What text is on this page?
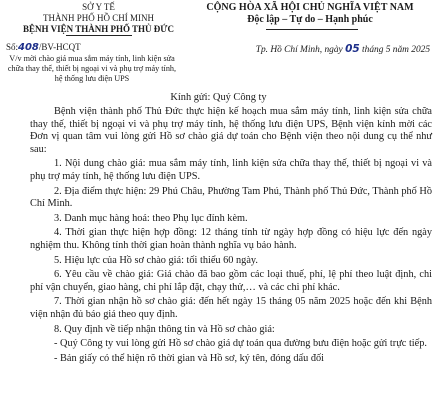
SỞ Y TẾ
THÀNH PHỐ HỒ CHÍ MINH
BỆNH VIỆN THÀNH PHỐ THỦ ĐỨC
CỘNG HÒA XÃ HỘI CHỦ NGHĨA VIỆT NAM
Độc lập – Tự do – Hạnh phúc
Số:408/BV-HCQT
V/v mời chào giá mua sắm máy tính, linh kiện sửa chữa thay thế, thiết bị ngoại vi và phụ trợ máy tính, hệ thống lưu điện UPS
Tp. Hồ Chí Minh, ngày 05 tháng 5 năm 2025
Kính gửi: Quý Công ty

Bệnh viện thành phố Thủ Đức thực hiện kế hoạch mua sắm máy tính, linh kiện sửa chữa thay thế, thiết bị ngoại vi và phụ trợ máy tính, hệ thống lưu điện UPS, Bệnh viện kính mời các Đơn vị quan tâm vui lòng gửi Hồ sơ chào giá dự toán cho Bệnh viện theo nội dung cụ thể như sau:

1. Nội dung chào giá: mua sắm máy tính, linh kiện sửa chữa thay thế, thiết bị ngoại vi và phụ trợ máy tính, hệ thống lưu điện UPS.

2. Địa điểm thực hiện: 29 Phú Châu, Phường Tam Phú, Thành phố Thủ Đức, Thành phố Hồ Chí Minh.

3. Danh mục hàng hoá: theo Phụ lục đính kèm.

4. Thời gian thực hiện hợp đồng: 12 tháng tính từ ngày hợp đồng có hiệu lực đến ngày nghiệm thu. Không tính thời gian hoàn thành nghĩa vụ bảo hành.

5. Hiệu lực của Hồ sơ chào giá: tối thiểu 60 ngày.

6. Yêu cầu về chào giá: Giá chào đã bao gồm các loại thuế, phí, lệ phí theo luật định, chi phí vận chuyển, giao hàng, chi phí lắp đặt, chạy thử,… và các chi phí khác.

7. Thời gian nhận hồ sơ chào giá: đến hết ngày 15 tháng 05 năm 2025 hoặc đến khi Bệnh viện nhận đủ báo giá theo quy định.

8. Quy định về tiếp nhận thông tin và Hồ sơ chào giá:

- Quý Công ty vui lòng gửi Hồ sơ chào giá dự toán qua đường bưu điện hoặc gửi trực tiếp.

- Bản giấy có thể hiện rõ thời gian và Hồ sơ, ký tên, đóng dấu đối
